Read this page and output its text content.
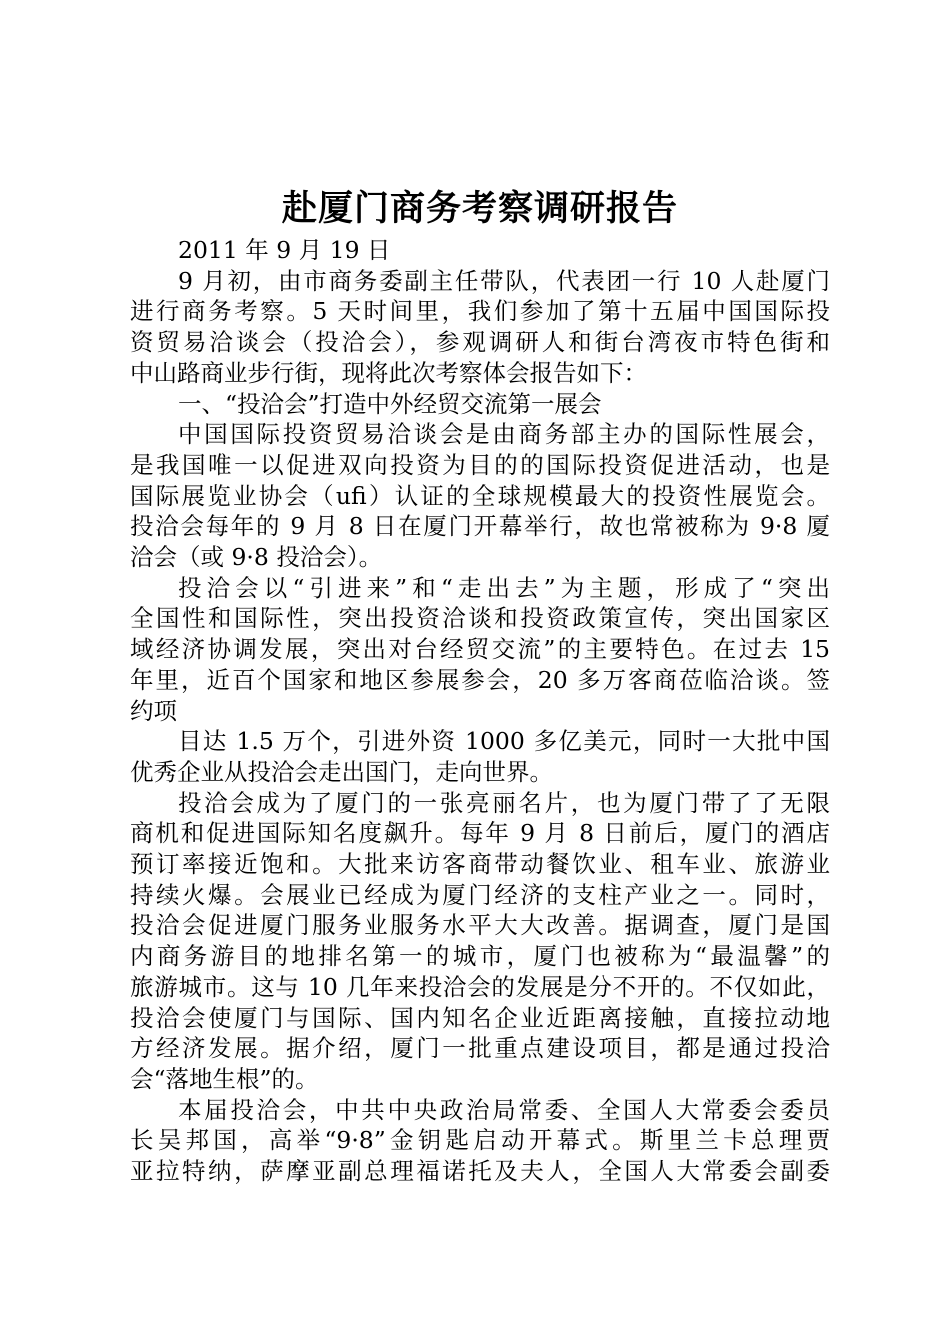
赴厦门商务考察调研报告

2011 年 9 月 19 日

9 月初，由市商务委副主任带队，代表团一行 10 人赴厦门

进行商务考察。5 天时间里，我们参加了第十五届中国国际投

资贸易洽谈会（投洽会），参观调研人和街台湾夜市特色街和

中山路商业步行街，现将此次考察体会报告如下：

一、“投洽会”打造中外经贸交流第一展会

中国国际投资贸易洽谈会是由商务部主办的国际性展会，

是我国唯一以促进双向投资为目的的国际投资促进活动，也是

国际展览业协会（ufi）认证的全球规模最大的投资性展览会。

投洽会每年的 9 月 8 日在厦门开幕举行，故也常被称为 9·8 厦

洽会（或 9·8 投洽会）。

投洽会以“引进来”和“走出去”为主题，形成了“突出

全国性和国际性，突出投资洽谈和投资政策宣传，突出国家区

域经济协调发展，突出对台经贸交流”的主要特色。在过去 15

年里，近百个国家和地区参展参会，20 多万客商莅临洽谈。签

约项

目达 1.5 万个，引进外资 1000 多亿美元，同时一大批中国

优秀企业从投洽会走出国门，走向世界。

投洽会成为了厦门的一张亮丽名片，也为厦门带了了无限

商机和促进国际知名度飙升。每年 9 月 8 日前后，厦门的酒店

预订率接近饱和。大批来访客商带动餐饮业、租车业、旅游业

持续火爆。会展业已经成为厦门经济的支柱产业之一。同时，

投洽会促进厦门服务业服务水平大大改善。据调查，厦门是国

内商务游目的地排名第一的城市，厦门也被称为“最温馨”的

旅游城市。这与 10 几年来投洽会的发展是分不开的。不仅如此，

投洽会使厦门与国际、国内知名企业近距离接触，直接拉动地

方经济发展。据介绍，厦门一批重点建设项目，都是通过投洽

会“落地生根”的。

本届投洽会，中共中央政治局常委、全国人大常委会委员

长吴邦国，高举“9·8”金钥匙启动开幕式。斯里兰卡总理贾

亚拉特纳，萨摩亚副总理福诺托及夫人，全国人大常委会副委
